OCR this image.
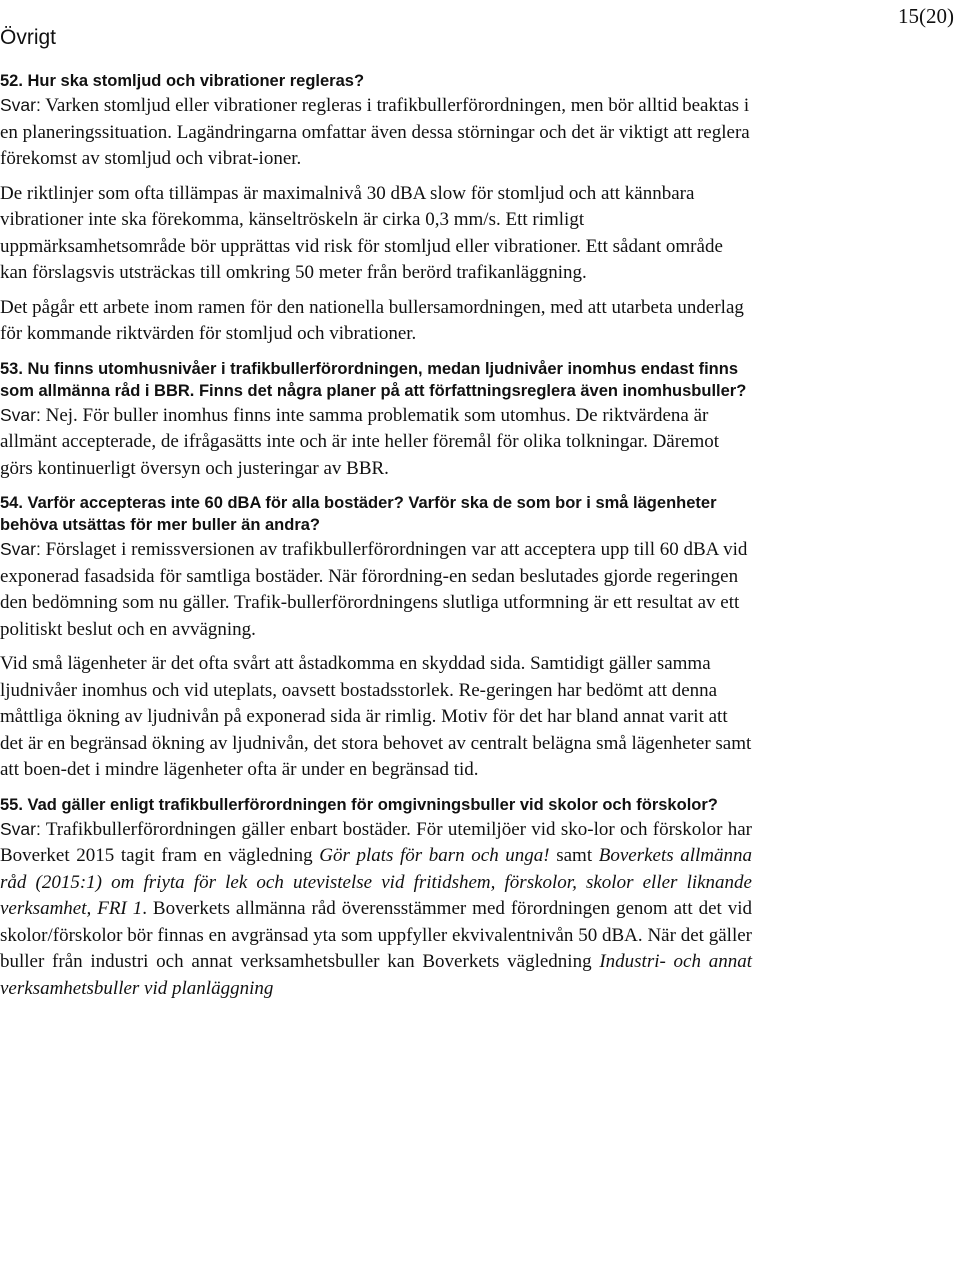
Övrigt
15(20)

52. Hur ska stomljud och vibrationer regleras?

Svar: Varken stomljud eller vibrationer regleras i trafikbullerförordningen, men bör alltid beaktas i en planeringssituation. Lagändringarna omfattar även dessa störningar och det är viktigt att reglera förekomst av stomljud och vibrat-ioner.

De riktlinjer som ofta tillämpas är maximalnivå 30 dBA slow för stomljud och att kännbara vibrationer inte ska förekomma, känseltröskeln är cirka 0,3 mm/s. Ett rimligt uppmärksamhetsområde bör upprättas vid risk för stomljud eller vibrationer. Ett sådant område kan förslagsvis utsträckas till omkring 50 meter från berörd trafikanläggning.

Det pågår ett arbete inom ramen för den nationella bullersamordningen, med att utarbeta underlag för kommande riktvärden för stomljud och vibrationer.

53. Nu finns utomhusnivåer i trafikbullerförordningen, medan ljudnivåer inomhus endast finns som allmänna råd i BBR. Finns det några planer på att författningsreglera även inomhusbuller?

Svar: Nej. För buller inomhus finns inte samma problematik som utomhus. De riktvärdena är allmänt accepterade, de ifrågasätts inte och är inte heller föremål för olika tolkningar. Däremot görs kontinuerligt översyn och justeringar av BBR.

54. Varför accepteras inte 60 dBA för alla bostäder? Varför ska de som bor i små lägenheter behöva utsättas för mer buller än andra?

Svar: Förslaget i remissversionen av trafikbullerförordningen var att acceptera upp till 60 dBA vid exponerad fasadsida för samtliga bostäder. När förordning-en sedan beslutades gjorde regeringen den bedömning som nu gäller. Trafik-bullerförordningens slutliga utformning är ett resultat av ett politiskt beslut och en avvägning.

Vid små lägenheter är det ofta svårt att åstadkomma en skyddad sida. Samtidigt gäller samma ljudnivåer inomhus och vid uteplats, oavsett bostadsstorlek. Re-geringen har bedömt att denna måttliga ökning av ljudnivån på exponerad sida är rimlig. Motiv för det har bland annat varit att det är en begränsad ökning av ljudnivån, det stora behovet av centralt belägna små lägenheter samt att boen-det i mindre lägenheter ofta är under en begränsad tid.

55. Vad gäller enligt trafikbullerförordningen för omgivningsbuller vid skolor och förskolor?

Svar: Trafikbullerförordningen gäller enbart bostäder. För utemiljöer vid sko-lor och förskolor har Boverket 2015 tagit fram en vägledning Gör plats för barn och unga! samt Boverkets allmänna råd (2015:1) om friyta för lek och utevistelse vid fritidshem, förskolor, skolor eller liknande verksamhet, FRI 1. Boverkets allmänna råd överensstämmer med förordningen genom att det vid skolor/förskolor bör finnas en avgränsad yta som uppfyller ekvivalentnivån 50 dBA. När det gäller buller från industri och annat verksamhetsbuller kan Boverkets vägledning Industri- och annat verksamhetsbuller vid planläggning
